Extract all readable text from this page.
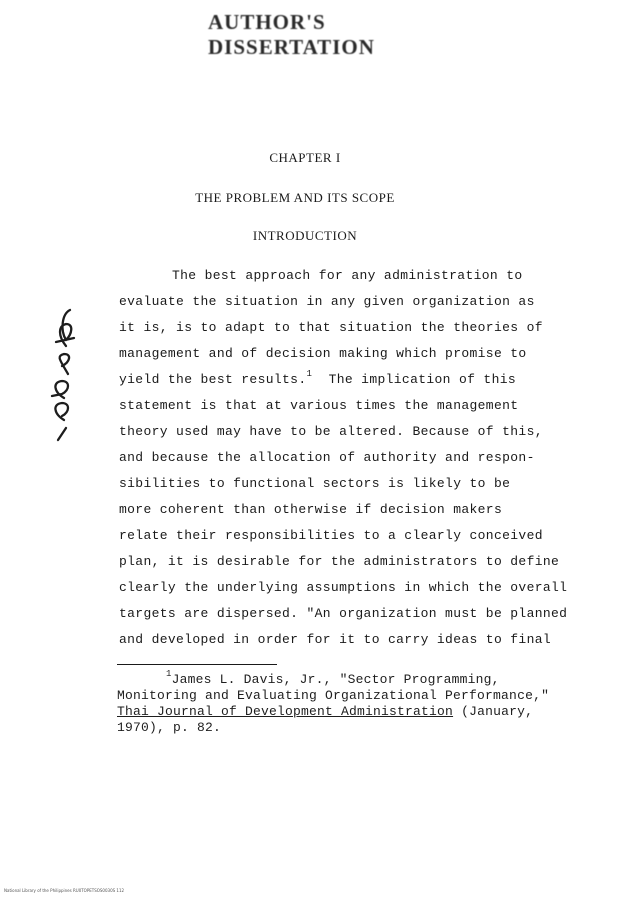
AUTHOR'S DISSERTATION
CHAPTER I
THE PROBLEM AND ITS SCOPE
INTRODUCTION
The best approach for any administration to
evaluate the situation in any given organization as
it is, is to adapt to that situation the theories of
management and of decision making which promise to
yield the best results.$^1$ The implication of this
statement is that at various times the management
theory used may have to be altered. Because of this,
and because the allocation of authority and respon-
sibilities to functional sectors is likely to be
more coherent than otherwise if decision makers
relate their responsibilities to a clearly conceived
plan, it is desirable for the administrators to define
clearly the underlying assumptions in which the overall
targets are dispersed. "An organization must be planned
and developed in order for it to carry ideas to final
$^1$James L. Davis, Jr., "Sector Programming,
Monitoring and Evaluating Organizational Performance,"
Thai Journal of Development Administration (January,
1970), p. 82.
National Library of the Philippines RU0TOPETSOS0030S 112
